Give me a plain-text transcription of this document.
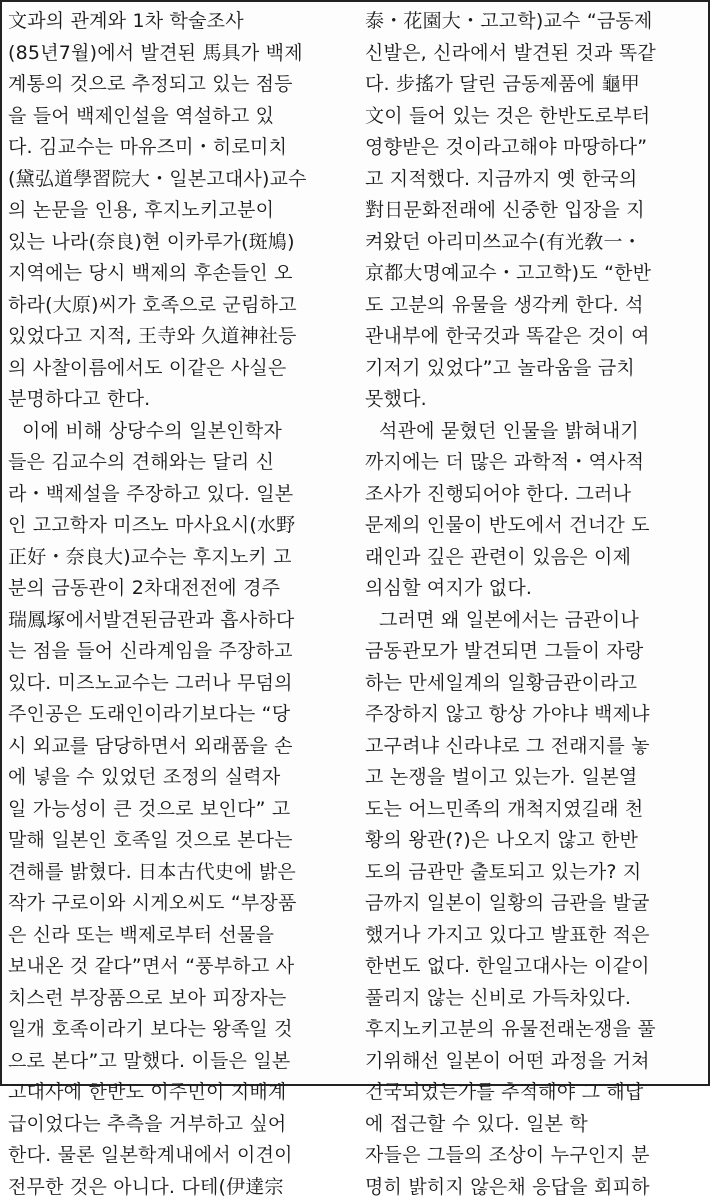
文과의 관계와 1차 학술조사
(85년7월)에서 발견된 馬具가 백제
계통의 것으로 추정되고 있는 점등
을 들어 백제인설을 역설하고 있
다. 김교수는 마유즈미・히로미치
(黛弘道學習院大・일본고대사)교수
의 논문을 인용, 후지노키고분이
있는 나라(奈良)현 이카루가(斑鳩)
지역에는 당시 백제의 후손들인 오
하라(大原)씨가 호족으로 군림하고
있었다고 지적, 王寺와 久道神社등
의 사찰이름에서도 이같은 사실은
분명하다고 한다.
이에 비해 상당수의 일본인학자
들은 김교수의 견해와는 달리 신
라・백제설을 주장하고 있다. 일본
인 고고학자 미즈노 마사요시(水野
正好・奈良大)교수는 후지노키 고
분의 금동관이 2차대전전에 경주
瑞鳳塚에서발견된금관과 흡사하다
는 점을 들어 신라계임을 주장하고
있다. 미즈노교수는 그러나 무덤의
주인공은 도래인이라기보다는 “당
시 외교를 담당하면서 외래품을 손
에 넣을 수 있었던 조정의 실력자
일 가능성이 큰 것으로 보인다” 고
말해 일본인 호족일 것으로 본다는
견해를 밝혔다. 日本古代史에 밝은
작가 구로이와 시게오씨도 “부장품
은 신라 또는 백제로부터 선물을
보내온 것 같다”면서 “풍부하고 사
치스런 부장품으로 보아 피장자는
일개 호족이라기 보다는 왕족일 것
으로 본다”고 말했다. 이들은 일본
고대사에 한반도 이주민이 지배계
급이었다는 추측을 거부하고 싶어
한다. 물론 일본학계내에서 이견이
전무한 것은 아니다. 다테(伊達宗
泰・花園大・고고학)교수 “금동제
신발은, 신라에서 발견된 것과 똑같
다. 步搖가 달린 금동제품에 龜甲
文이 들어 있는 것은 한반도로부터
영향받은 것이라고해야 마땅하다”
고 지적했다. 지금까지 옛 한국의
對日문화전래에 신중한 입장을 지
켜왔던 아리미쓰교수(有光敎一・
京都大명예교수・고고학)도 “한반
도 고분의 유물을 생각케 한다. 석
관내부에 한국것과 똑같은 것이 여
기저기 있었다”고 놀라움을 금치
못했다.
석관에 묻혔던 인물을 밝혀내기
까지에는 더 많은 과학적・역사적
조사가 진행되어야 한다. 그러나
문제의 인물이 반도에서 건너간 도
래인과 깊은 관련이 있음은 이제
의심할 여지가 없다.
그러면 왜 일본에서는 금관이나
금동관모가 발견되면 그들이 자랑
하는 만세일계의 일황금관이라고
주장하지 않고 항상 가야냐 백제냐
고구려냐 신라냐로 그 전래지를 놓
고 논쟁을 벌이고 있는가. 일본열
도는 어느민족의 개척지였길래 천
황의 왕관(?)은 나오지 않고 한반
도의 금관만 출토되고 있는가? 지
금까지 일본이 일황의 금관을 발굴
했거나 가지고 있다고 발표한 적은
한번도 없다. 한일고대사는 이같이
풀리지 않는 신비로 가득차있다.
후지노키고분의 유물전래논쟁을 풀
기위해선 일본이 어떤 과정을 거쳐
건국되었는가를 추적해야 그 해답
에 접근할 수 있다. 일본 학
자들은 그들의 조상이 누구인지 분
명히 밝히지 않은채 응답을 회피하
